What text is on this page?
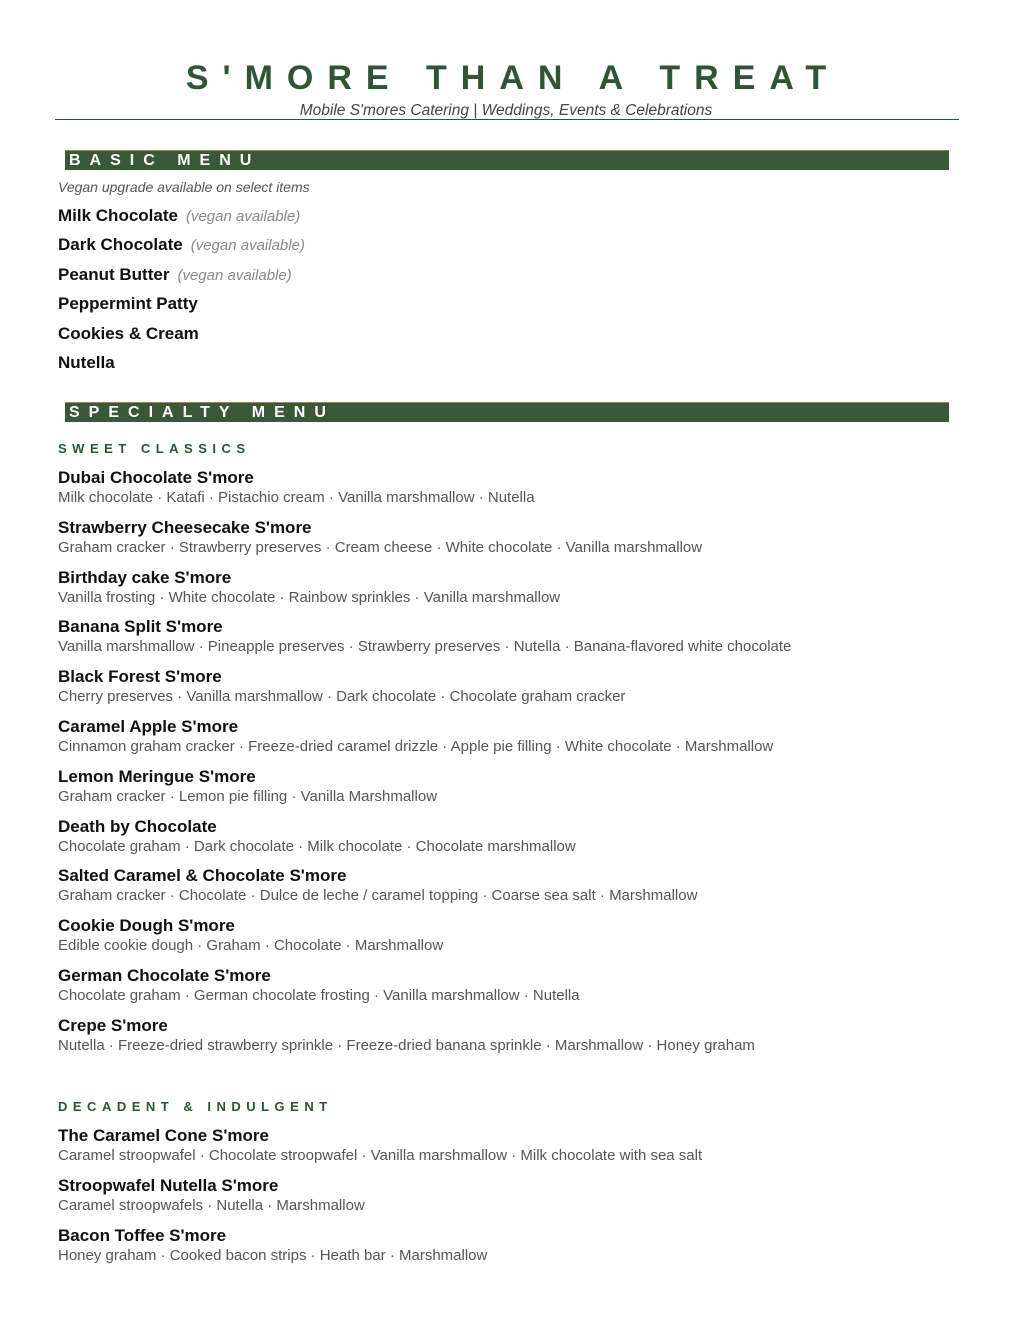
S'MORE THAN A TREAT
Mobile S'mores Catering | Weddings, Events & Celebrations
BASIC MENU
Vegan upgrade available on select items
Milk Chocolate (vegan available)
Dark Chocolate (vegan available)
Peanut Butter (vegan available)
Peppermint Patty
Cookies & Cream
Nutella
SPECIALTY MENU
SWEET CLASSICS
Dubai Chocolate S'more
Milk chocolate · Katafi · Pistachio cream · Vanilla marshmallow · Nutella
Strawberry Cheesecake S'more
Graham cracker · Strawberry preserves · Cream cheese · White chocolate · Vanilla marshmallow
Birthday cake S'more
Vanilla frosting · White chocolate · Rainbow sprinkles · Vanilla marshmallow
Banana Split S'more
Vanilla marshmallow · Pineapple preserves · Strawberry preserves · Nutella · Banana-flavored white chocolate
Black Forest S'more
Cherry preserves · Vanilla marshmallow · Dark chocolate · Chocolate graham cracker
Caramel Apple S'more
Cinnamon graham cracker · Freeze-dried caramel drizzle · Apple pie filling · White chocolate · Marshmallow
Lemon Meringue S'more
Graham cracker · Lemon pie filling · Vanilla Marshmallow
Death by Chocolate
Chocolate graham · Dark chocolate · Milk chocolate · Chocolate marshmallow
Salted Caramel & Chocolate S'more
Graham cracker · Chocolate · Dulce de leche / caramel topping · Coarse sea salt · Marshmallow
Cookie Dough S'more
Edible cookie dough · Graham · Chocolate · Marshmallow
German Chocolate S'more
Chocolate graham · German chocolate frosting · Vanilla marshmallow · Nutella
Crepe S'more
Nutella · Freeze-dried strawberry sprinkle · Freeze-dried banana sprinkle · Marshmallow · Honey graham
DECADENT & INDULGENT
The Caramel Cone S'more
Caramel stroopwafel · Chocolate stroopwafel · Vanilla marshmallow · Milk chocolate with sea salt
Stroopwafel Nutella S'more
Caramel stroopwafels · Nutella · Marshmallow
Bacon Toffee S'more
Honey graham · Cooked bacon strips · Heath bar · Marshmallow
